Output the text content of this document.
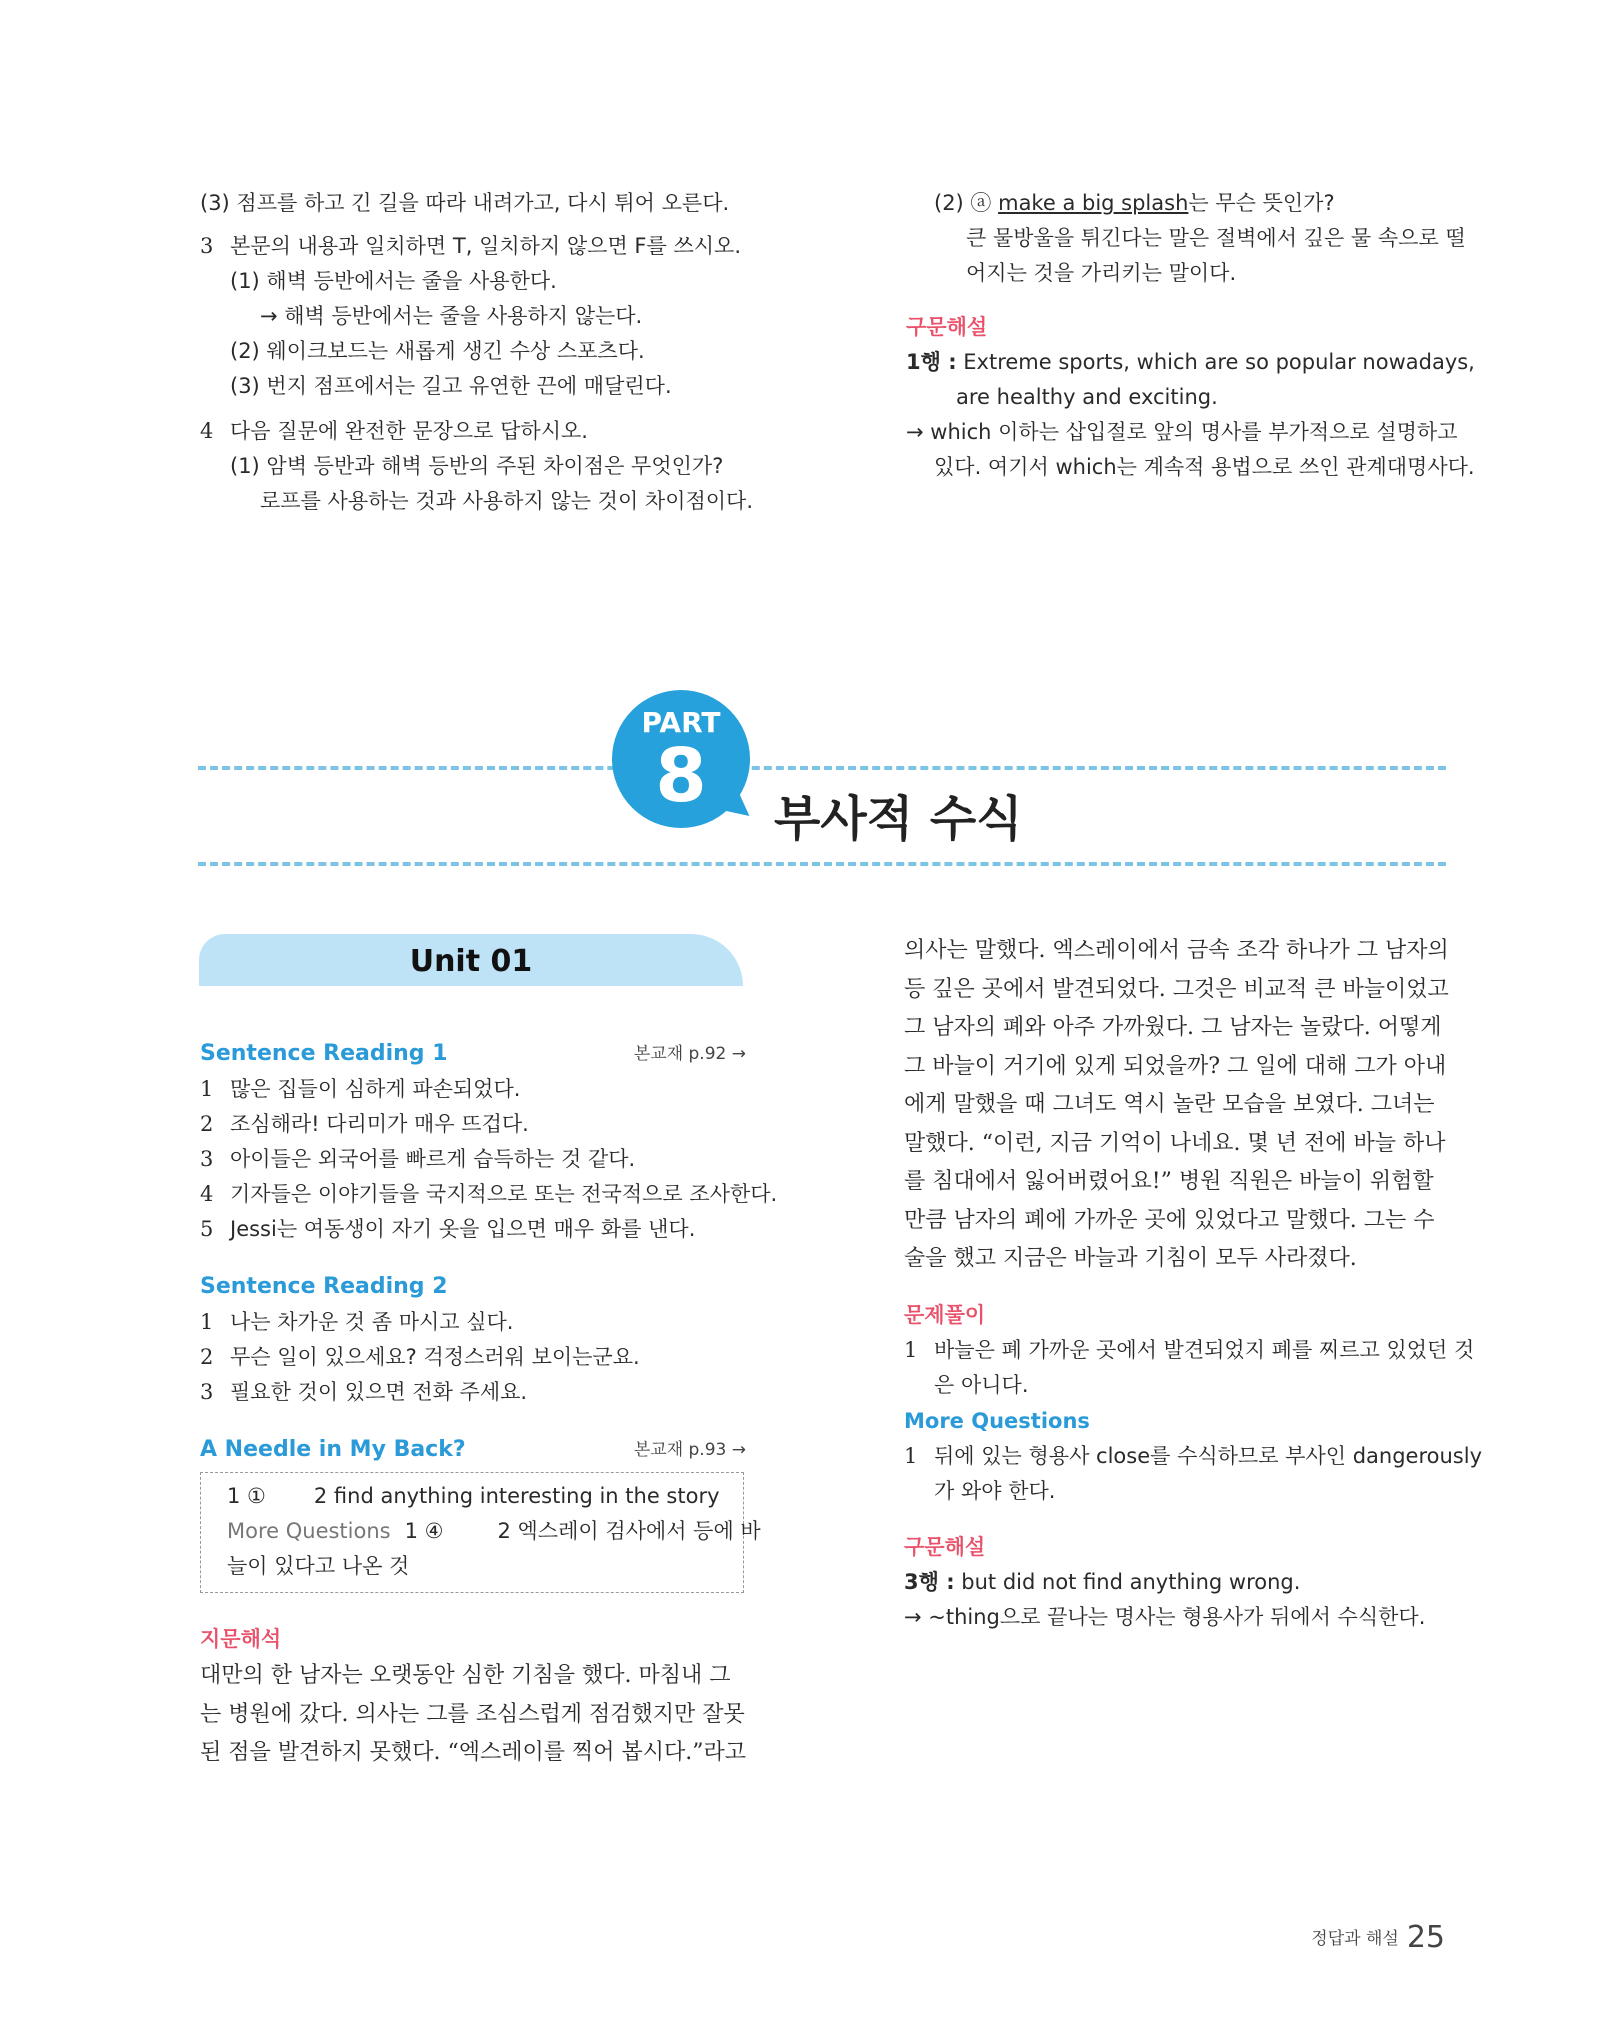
(3) 점프를 하고 긴 길을 따라 내려가고, 다시 튀어 오른다.
3 본문의 내용과 일치하면 T, 일치하지 않으면 F를 쓰시오.
(1) 해벽 등반에서는 줄을 사용한다.
→ 해벽 등반에서는 줄을 사용하지 않는다.
(2) 웨이크보드는 새롭게 생긴 수상 스포츠다.
(3) 번지 점프에서는 길고 유연한 끈에 매달린다.
4 다음 질문에 완전한 문장으로 답하시오.
(1) 암벽 등반과 해벽 등반의 주된 차이점은 무엇인가?
로프를 사용하는 것과 사용하지 않는 것이 차이점이다.
(2) ⓐ make a big splash는 무슨 뜻인가?
큰 물방울을 튀긴다는 말은 절벽에서 깊은 물 속으로 떨
어지는 것을 가리키는 말이다.
구문해설
1행 : Extreme sports, which are so popular nowadays,
are healthy and exciting.
→ which 이하는 삽입절로 앞의 명사를 부가적으로 설명하고
있다. 여기서 which는 계속적 용법으로 쓰인 관계대명사다.
PART
8	부사적 수식
Unit 01
Sentence Reading 1	본교재 p.92 →
1 많은 집들이 심하게 파손되었다.
2 조심해라! 다리미가 매우 뜨겁다.
3 아이들은 외국어를 빠르게 습득하는 것 같다.
4 기자들은 이야기들을 국지적으로 또는 전국적으로 조사한다.
5 Jessi는 여동생이 자기 옷을 입으면 매우 화를 낸다.
Sentence Reading 2
1 나는 차가운 것 좀 마시고 싶다.
2 무슨 일이 있으세요? 걱정스러워 보이는군요.
3 필요한 것이 있으면 전화 주세요.
A Needle in My Back?	본교재 p.93 →
1 ① 2 find anything interesting in the story
More Questions 1 ④	2 엑스레이 검사에서 등에 바
늘이 있다고 나온 것
지문해석
대만의 한 남자는 오랫동안 심한 기침을 했다. 마침내 그
는 병원에 갔다. 의사는 그를 조심스럽게 점검했지만 잘못
된 점을 발견하지 못했다. “엑스레이를 찍어 봅시다.”라고
의사는 말했다. 엑스레이에서 금속 조각 하나가 그 남자의
등 깊은 곳에서 발견되었다. 그것은 비교적 큰 바늘이었고
그 남자의 폐와 아주 가까웠다. 그 남자는 놀랐다. 어떻게
그 바늘이 거기에 있게 되었을까? 그 일에 대해 그가 아내
에게 말했을 때 그녀도 역시 놀란 모습을 보였다. 그녀는
말했다. “이런, 지금 기억이 나네요. 몇 년 전에 바늘 하나
를 침대에서 잃어버렸어요!” 병원 직원은 바늘이 위험할
만큼 남자의 폐에 가까운 곳에 있었다고 말했다. 그는 수
술을 했고 지금은 바늘과 기침이 모두 사라졌다.
문제풀이
1 바늘은 폐 가까운 곳에서 발견되었지 폐를 찌르고 있었던 것
은 아니다.
More Questions
1 뒤에 있는 형용사 close를 수식하므로 부사인 dangerously
가 와야 한다.
구문해설
3행 : but did not find anything wrong.
→ ~thing으로 끝나는 명사는 형용사가 뒤에서 수식한다.
정답과 해설 25
